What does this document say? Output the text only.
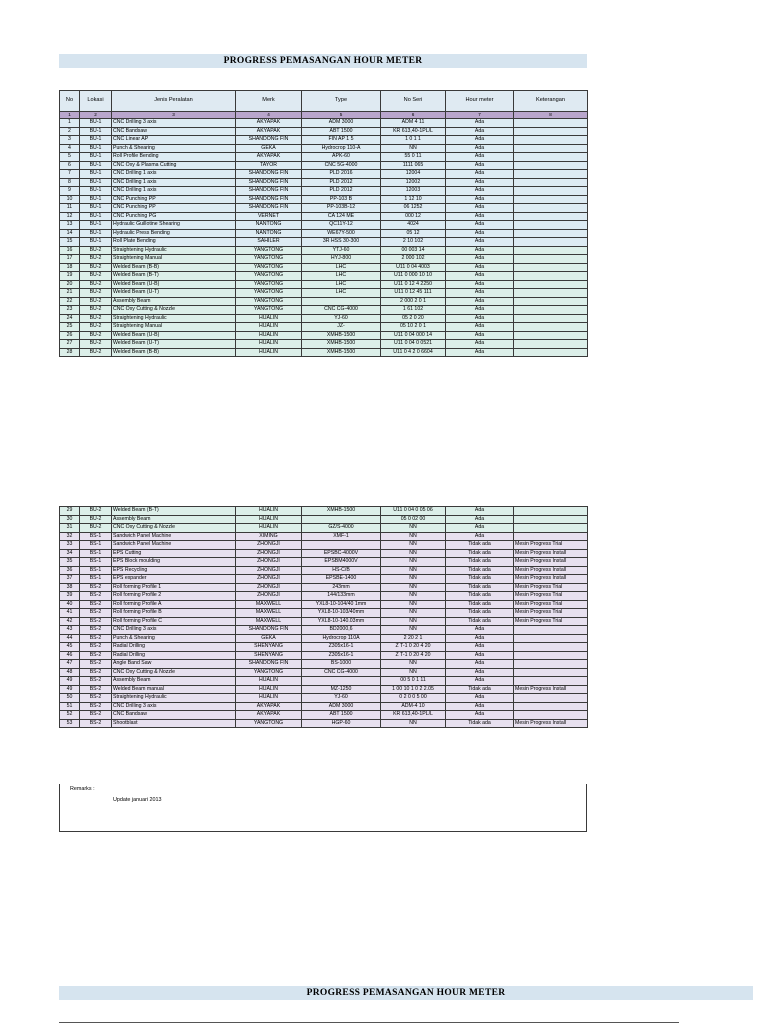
PROGRESS PEMASANGAN HOUR METER
No	Lokasi	Jenis Peralatan	Merk	Type	No Seri	Hour meter	Keterangan
1	2	3	4	5	6	7	8
1	BU-1	CNC Drilling 3 axis	AKYAPAK	ADM 3000	ADM 4 11	Ada	
2	BU-1	CNC Bandsaw	AKYAPAK	ABT 1500	KR 613,40-1PL/L	Ada	
3	BU-1	CNC Linear AP	SHANDONG FIN	FIN AP 1 5	1 0 1 1	Ada	
4	BU-1	Punch & Shearing	GEKA	Hydrocrop 110-A	NN	Ada	
5	BU-1	Roll Profile Bending	AKYAPAK	APK-60	55 0 11	Ada	
6	BU-1	CNC Oxy & Plasma Cutting	TAYOR	CNC 5G-4000	1111 065	Ada	
7	BU-1	CNC Drilling 1 axis	SHANDONG FIN	PLD 2016	12004	Ada	
8	BU-1	CNC Drilling 1 axis	SHANDONG FIN	PLD 2012	12002	Ada	
9	BU-1	CNC Drilling 1 axis	SHANDONG FIN	PLD 2012	12003	Ada	
10	BU-1	CNC Punching PP	SHANDONG FIN	PP-103 B	1 12 10	Ada	
11	BU-1	CNC Punching PP	SHANDONG FIN	PP-103B-12	06 1252	Ada	
12	BU-1	CNC Punching PG	VERNET	CA 124 ME	000 12	Ada	
13	BU-1	Hydraulic Guillotine Shearing	NANTONG	QC11Y-12	4024	Ada	
14	BU-1	Hydraulic Press Bending	NANTONG	WE67Y-500	05 12	Ada	
15	BU-1	Roll Plate Bending	SAHILER	3R HSS 30-300	2 10 102	Ada	
16	BU-2	Straightening Hydraulic	YANGTONG	YTJ-60	00 003 14	Ada	
17	BU-2	Straightening Manual	YANGTONG	HYJ-800	2 000 102	Ada	
18	BU-2	Welded Beam (B-B)	YANGTONG	LHC	U11 0 04 4003	Ada	
19	BU-2	Welded Beam (B-T)	YANGTONG	LHC	U11 0 000 10 10	Ada	
20	BU-2	Welded Beam (U-B)	YANGTONG	LHC	U11 0 12 4 2250	Ada	
21	BU-2	Welded Beam (U-T)	YANGTONG	LHC	U11 0 12 45 111	Ada	
22	BU-2	Assembly Beam	YANGTONG		2 000 2 0 1	Ada	
23	BU-2	CNC Oxy Cutting & Nozzle	YANGTONG	CNC CG-4000	1 61 102	Ada	
24	BU-2	Straightening Hydraulic	HUALIN	YJ-60	05 2 0 20	Ada	
25	BU-2	Straightening Manual	HUALIN	JZ-	05 10 2 0 1	Ada	
26	BU-2	Welded Beam (U-B)	HUALIN	XMHB-1500	U11 0 04 000 14	Ada	
27	BU-2	Welded Beam (U-T)	HUALIN	XMHB-1500	U11 0 04 0 0521	Ada	
28	BU-2	Welded Beam (B-B)	HUALIN	XMHB-1500	U11 0 4 2 0 6604	Ada	
29	BU-2	Welded Beam (B-T)	HUALIN	XMHB-1500	U11 0 04 0 05 06	Ada	
30	BU-2	Assembly Beam	HUALIN		05 0 02 00	Ada	
31	BU-2	CNC Oxy Cutting & Nozzle	HUALIN	GZ/S-4000	NN	Ada	
32	BS-1	Sandwich Panel Machine	XIMING	XMF-1	NN	Ada	
33	BS-1	Sandwich Panel Machine	ZHONGJI		NN	Tidak ada	Mesin Progress Trial
34	BS-1	EPS Cutting	ZHONGJI	EPSBC-4000V	NN	Tidak ada	Mesin Progress Install
35	BS-1	EPS Block moulding	ZHONGJI	EPSBM4000V	NN	Tidak ada	Mesin Progress Install
36	BS-1	EPS Recycling	ZHONGJI	HS-C/B	NN	Tidak ada	Mesin Progress Install
37	BS-1	EPS expander	ZHONGJI	EPSBE-1400	NN	Tidak ada	Mesin Progress Install
38	BS-2	Roll forming Profile 1	ZHONGJI	243mm	NN	Tidak ada	Mesin Progress Trial
39	BS-2	Roll forming Profile 2	ZHONGJI	144/133mm	NN	Tidak ada	Mesin Progress Trial
40	BS-2	Roll forming Profile A	MAXWELL	YXL8-10-104/40 1mm	NN	Tidak ada	Mesin Progress Trial
41	BS-2	Roll forming Profile B	MAXWELL	YXL8-10-103/40mm	NN	Tidak ada	Mesin Progress Trial
42	BS-2	Roll forming Profile C	MAXWELL	YXL8-10-140.03mm	NN	Tidak ada	Mesin Progress Trial
43	BS-2	CNC Drilling 3 axis	SHANDONG FIN	BD2000,6	NN	Ada	
44	BS-2	Punch & Shearing	GEKA	Hydrocrop 110A	2 20 2 1	Ada	
45	BS-2	Radial Drilling	SHENYANG	Z305x16-1	Z T-1 0 20 4 20	Ada	
46	BS-2	Radial Drilling	SHENYANG	Z305x16-1	Z T-1 0 20 4 20	Ada	
47	BS-2	Angle Band Saw	SHANDONG FIN	BS-1000	NN	Ada	
48	BS-2	CNC Oxy Cutting & Nozzle	YANGTONG	CNC CG-4000	NN	Ada	
49	BS-2	Assembly Beam	HUALIN		00 5 0 1 11	Ada	
49	BS-2	Welded Beam manual	HUALIN	MZ-1250	1 00 10 1 0 2 2.05	Tidak ada	Mesin Progress Install
50	BS-2	Straightening Hydraulic	HUALIN	YJ-60	0 2 0 0 5 00	Ada	
51	BS-2	CNC Drilling 3 axis	AKYAPAK	ADM 3000	ADM-4 10	Ada	
52	BS-2	CNC Bandsaw	AKYAPAK	ABT 1500	KR 613,40-1PL/L	Ada	
53	BS-2	Shootblast	YANGTONG	HGP-60	NN	Tidak ada	Mesin Progress Install
Remarks :
Update januari 2013
PROGRESS PEMASANGAN HOUR METER
